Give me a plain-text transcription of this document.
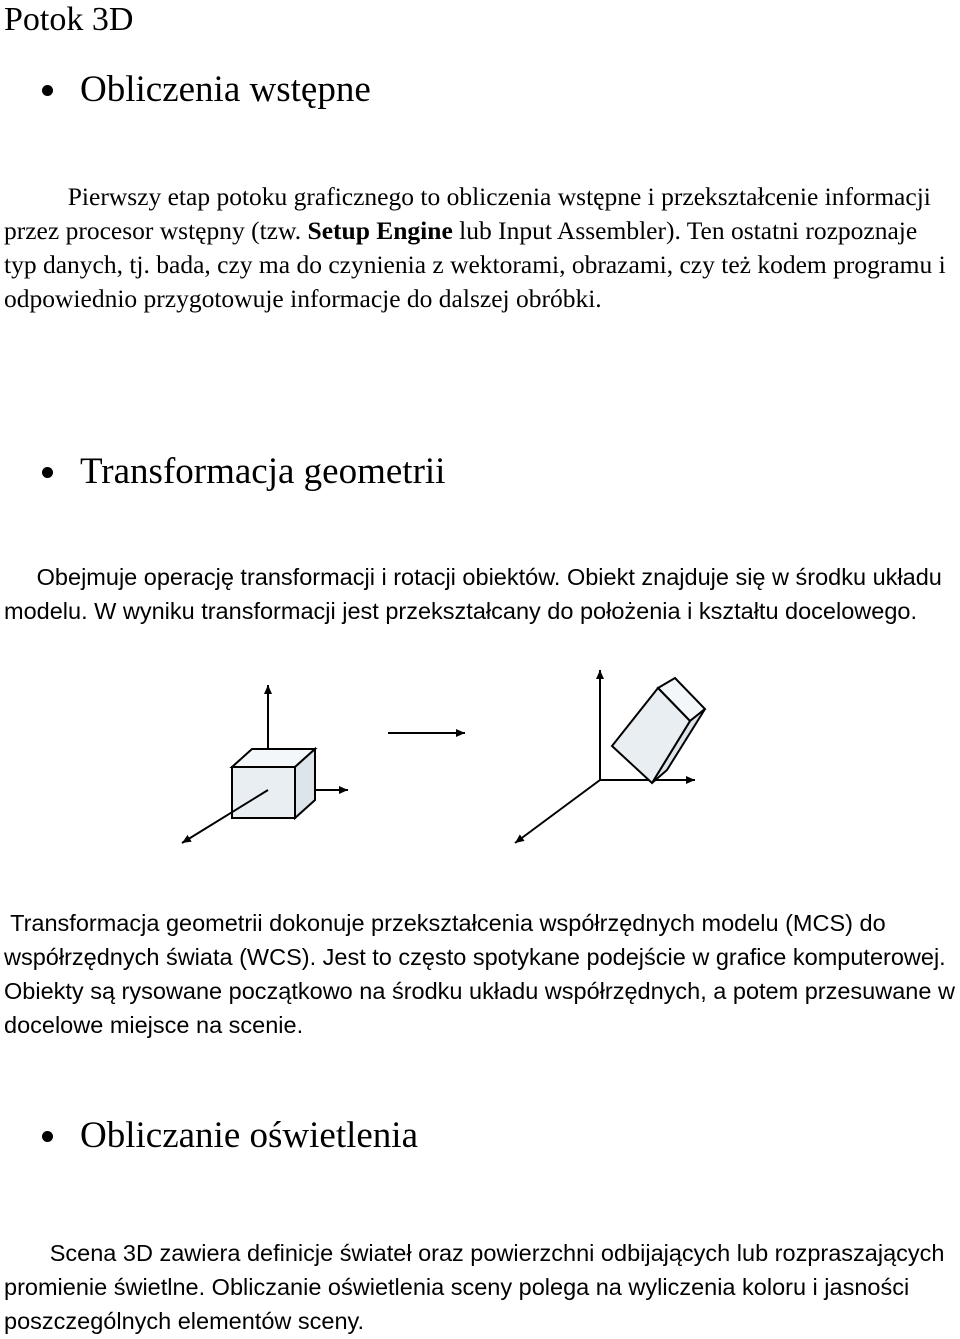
Potok 3D
Obliczenia wstępne

Pierwszy etap potoku graficznego to obliczenia wstępne i przekształcenie informacji przez procesor wstępny (tzw. Setup Engine lub Input Assembler). Ten ostatni rozpoznaje typ danych, tj. bada, czy ma do czynienia z wektorami, obrazami, czy też kodem programu i odpowiednio przygotowuje informacje do dalszej obróbki.

Transformacja geometrii

Obejmuje operację transformacji i rotacji obiektów. Obiekt znajduje się w środku układu modelu. W wyniku transformacji jest przekształcany do położenia i kształtu docelowego.

Transformacja geometrii dokonuje przekształcenia współrzędnych modelu (MCS) do współrzędnych świata (WCS). Jest to często spotykane podejście w grafice komputerowej. Obiekty są rysowane początkowo na środku układu współrzędnych, a potem przesuwane w docelowe miejsce na scenie.

Obliczanie oświetlenia

Scena 3D zawiera definicje świateł oraz powierzchni odbijających lub rozpraszających promienie świetlne. Obliczanie oświetlenia sceny polega na wyliczenia koloru i jasności poszczególnych elementów sceny.
